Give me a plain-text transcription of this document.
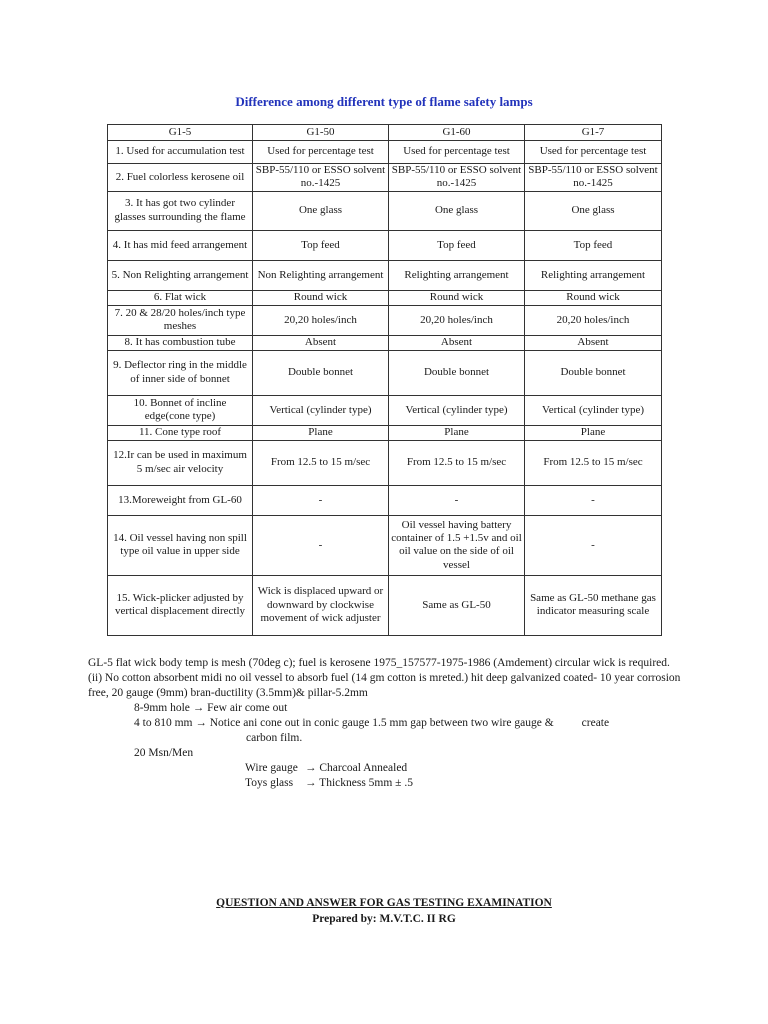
Difference among different type of flame safety lamps
G1-5	G1-50	G1-60	G1-7
1. Used for accumulation test	Used for percentage test	Used for percentage test	Used for percentage test
2. Fuel colorless kerosene oil	SBP-55/110 or ESSO solvent no.-1425	SBP-55/110 or ESSO solvent no.-1425	SBP-55/110 or ESSO solvent no.-1425
3. It has got two cylinder glasses surrounding the flame	One glass	One glass	One glass
4. It has mid feed arrangement	Top feed	Top feed	Top feed
5. Non Relighting arrangement	Non Relighting arrangement	Relighting arrangement	Relighting arrangement
6. Flat wick	Round wick	Round wick	Round wick
7. 20 & 28/20 holes/inch type meshes	20,20 holes/inch	20,20 holes/inch	20,20 holes/inch
8. It has combustion tube	Absent	Absent	Absent
9. Deflector ring in the middle of inner side of bonnet	Double bonnet	Double bonnet	Double bonnet
10. Bonnet of incline edge(cone type)	Vertical (cylinder type)	Vertical (cylinder type)	Vertical (cylinder type)
11. Cone type roof	Plane	Plane	Plane
12.Ir can be used in maximum 5 m/sec air velocity	From 12.5 to 15 m/sec	From 12.5 to 15 m/sec	From 12.5 to 15 m/sec
13.Moreweight from GL-60	-	-	-
14. Oil vessel having non spill type oil value in upper side	-	Oil vessel having battery container of 1.5 +1.5v and oil oil value on the side of oil vessel	-
15. Wick-plicker adjusted by vertical displacement directly	Wick is displaced upward or downward by clockwise movement of wick adjuster	Same as GL-50	Same as GL-50 methane gas indicator measuring scale

GL-5 flat wick body temp is mesh (70deg c); fuel is kerosene 1975_157577-1975-1986 (Amdement) circular wick is required.

(ii) No cotton absorbent midi no oil vessel to absorb fuel (14 gm cotton is mreted.) hit deep galvanized coated- 10 year corrosion free, 20 gauge (9mm) bran-ductility (3.5mm)& pillar-5.2mm

8-9mm hole → Few air come out

4 to 810 mm → Notice ani cone out in conic gauge 1.5 mm gap between two wire gauge & create

carbon film.

20 Msn/Men

Wire gauge → Charcoal Annealed

Toys glass → Thickness 5mm ± .5

QUESTION AND ANSWER FOR GAS TESTING EXAMINATION
Prepared by: M.V.T.C. II RG
